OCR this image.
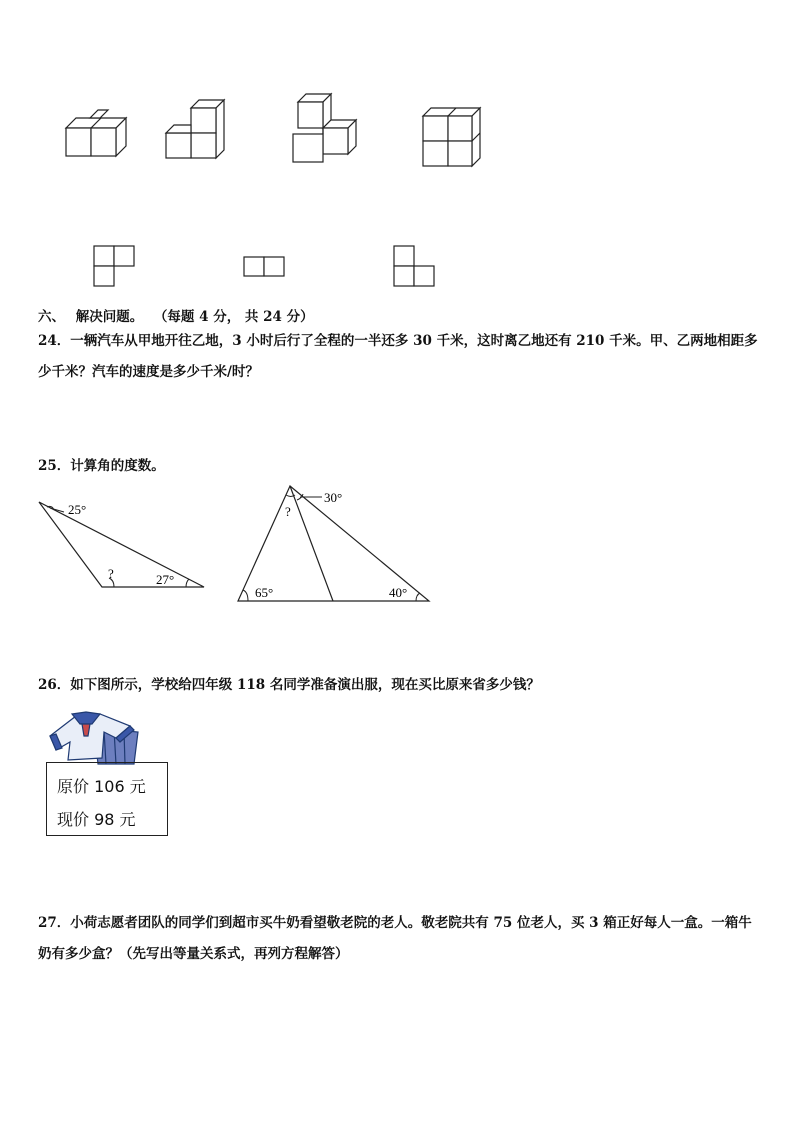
六、 解决问题。 （每题 4 分， 共 24 分）
24．一辆汽车从甲地开往乙地，3 小时后行了全程的一半还多 30 千米，这时离乙地还有 210 千米。甲、乙两地相距多
少千米？汽车的速度是多少千米/时？
25．计算角的度数。
25°
?	27°
30°
?
65°	40°
26．如下图所示，学校给四年级 118 名同学准备演出服，现在买比原来省多少钱？
原价 106 元
现价 98 元
27．小荷志愿者团队的同学们到超市买牛奶看望敬老院的老人。敬老院共有 75 位老人，买 3 箱正好每人一盒。一箱牛
奶有多少盒？（先写出等量关系式，再列方程解答）
